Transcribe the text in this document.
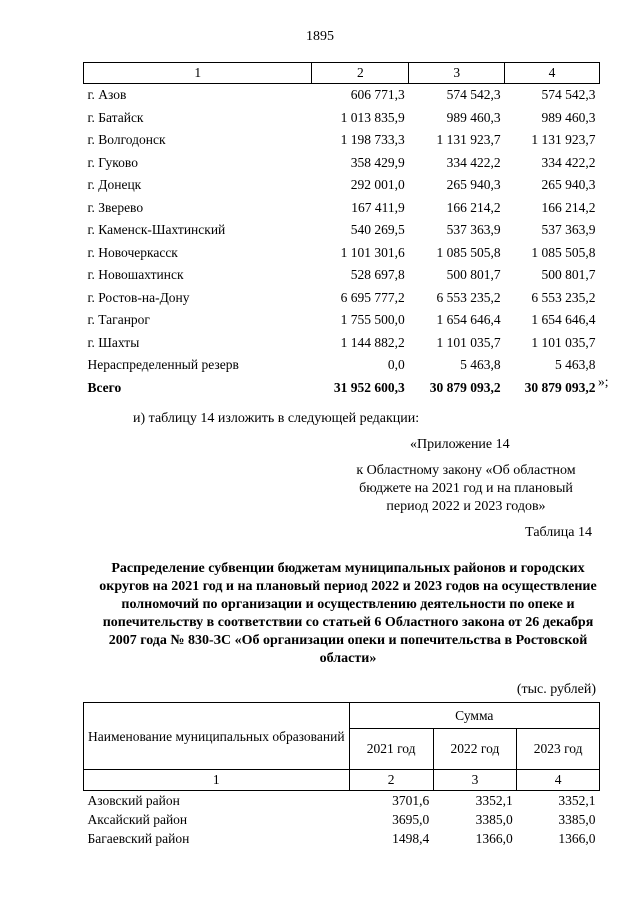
1895
1	2	3	4
г. Азов	606 771,3	574 542,3	574 542,3
г. Батайск	1 013 835,9	989 460,3	989 460,3
г. Волгодонск	1 198 733,3	1 131 923,7	1 131 923,7
г. Гуково	358 429,9	334 422,2	334 422,2
г. Донецк	292 001,0	265 940,3	265 940,3
г. Зверево	167 411,9	166 214,2	166 214,2
г. Каменск-Шахтинский	540 269,5	537 363,9	537 363,9
г. Новочеркасск	1 101 301,6	1 085 505,8	1 085 505,8
г. Новошахтинск	528 697,8	500 801,7	500 801,7
г. Ростов-на-Дону	6 695 777,2	6 553 235,2	6 553 235,2
г. Таганрог	1 755 500,0	1 654 646,4	1 654 646,4
г. Шахты	1 144 882,2	1 101 035,7	1 101 035,7
Нераспределенный резерв	0,0	5 463,8	5 463,8
Всего	31 952 600,3	30 879 093,2	30 879 093,2 »;
и) таблицу 14 изложить в следующей редакции:
«Приложение 14
к Областному закону «Об областном бюджете на 2021 год и на плановый период 2022 и 2023 годов»
Таблица 14
Распределение субвенции бюджетам муниципальных районов и городских округов на 2021 год и на плановый период 2022 и 2023 годов на осуществление полномочий по организации и осуществлению деятельности по опеке и попечительству в соответствии со статьей 6 Областного закона от 26 декабря 2007 года № 830-ЗС «Об организации опеки и попечительства в Ростовской области»
(тыс. рублей)
Наименование муниципальных образований	Сумма		
	2021 год	2022 год	2023 год
1	2	3	4
Азовский район	3701,6	3352,1	3352,1
Аксайский район	3695,0	3385,0	3385,0
Багаевский район	1498,4	1366,0	1366,0
